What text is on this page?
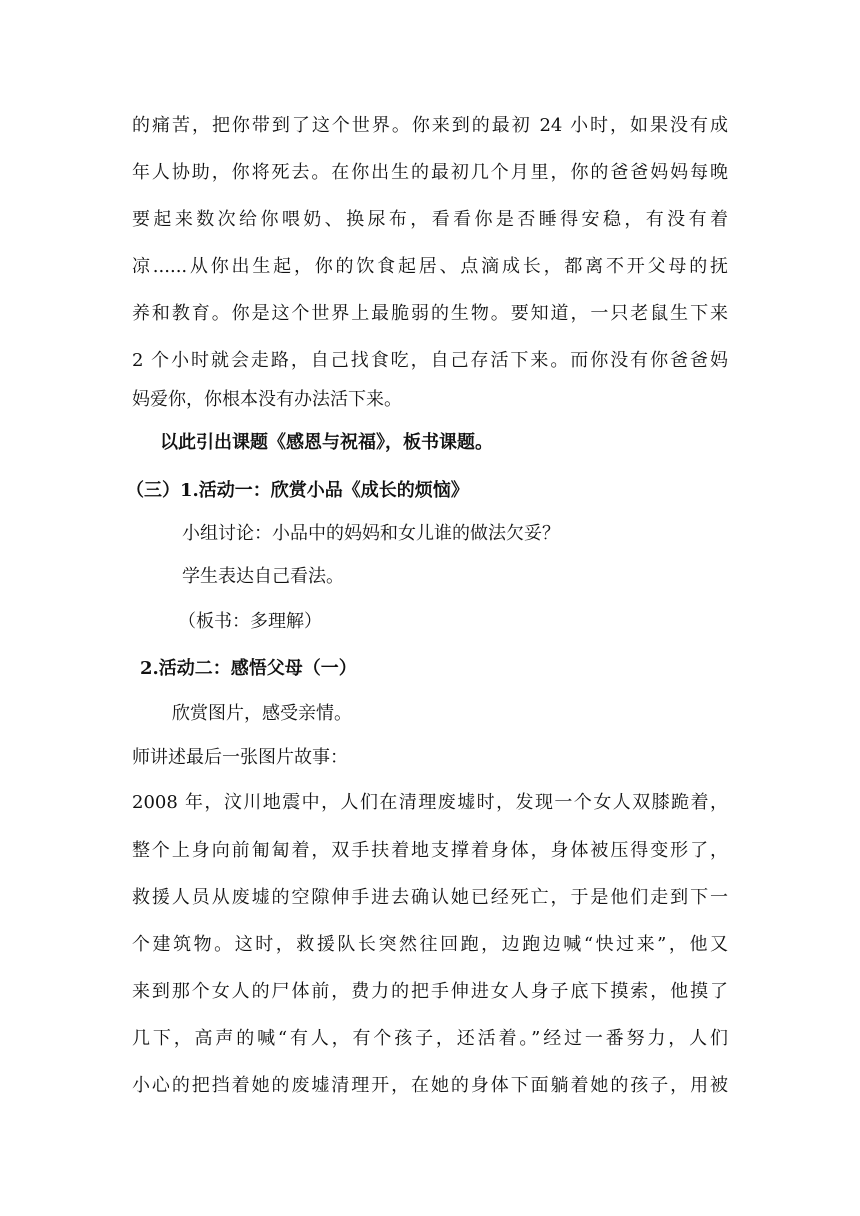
的痛苦，把你带到了这个世界。你来到的最初 24 小时，如果没有成
年人协助，你将死去。在你出生的最初几个月里，你的爸爸妈妈每晚
要起来数次给你喂奶、换尿布，看看你是否睡得安稳，有没有着
凉......从你出生起，你的饮食起居、点滴成长，都离不开父母的抚
养和教育。你是这个世界上最脆弱的生物。要知道，一只老鼠生下来
2 个小时就会走路，自己找食吃，自己存活下来。而你没有你爸爸妈
妈爱你，你根本没有办法活下来。
以此引出课题《感恩与祝福》，板书课题。
（三）1.活动一：欣赏小品《成长的烦恼》
小组讨论：小品中的妈妈和女儿谁的做法欠妥？
学生表达自己看法。
（板书：多理解）
2.活动二：感悟父母（一）
欣赏图片，感受亲情。
师讲述最后一张图片故事：
2008 年，汶川地震中，人们在清理废墟时，发现一个女人双膝跪着，
整个上身向前匍匐着，双手扶着地支撑着身体，身体被压得变形了，
救援人员从废墟的空隙伸手进去确认她已经死亡，于是他们走到下一
个建筑物。这时，救援队长突然往回跑，边跑边喊“快过来”，他又
来到那个女人的尸体前，费力的把手伸进女人身子底下摸索，他摸了
几下，高声的喊“有人，有个孩子，还活着。”经过一番努力，人们
小心的把挡着她的废墟清理开，在她的身体下面躺着她的孩子，用被
